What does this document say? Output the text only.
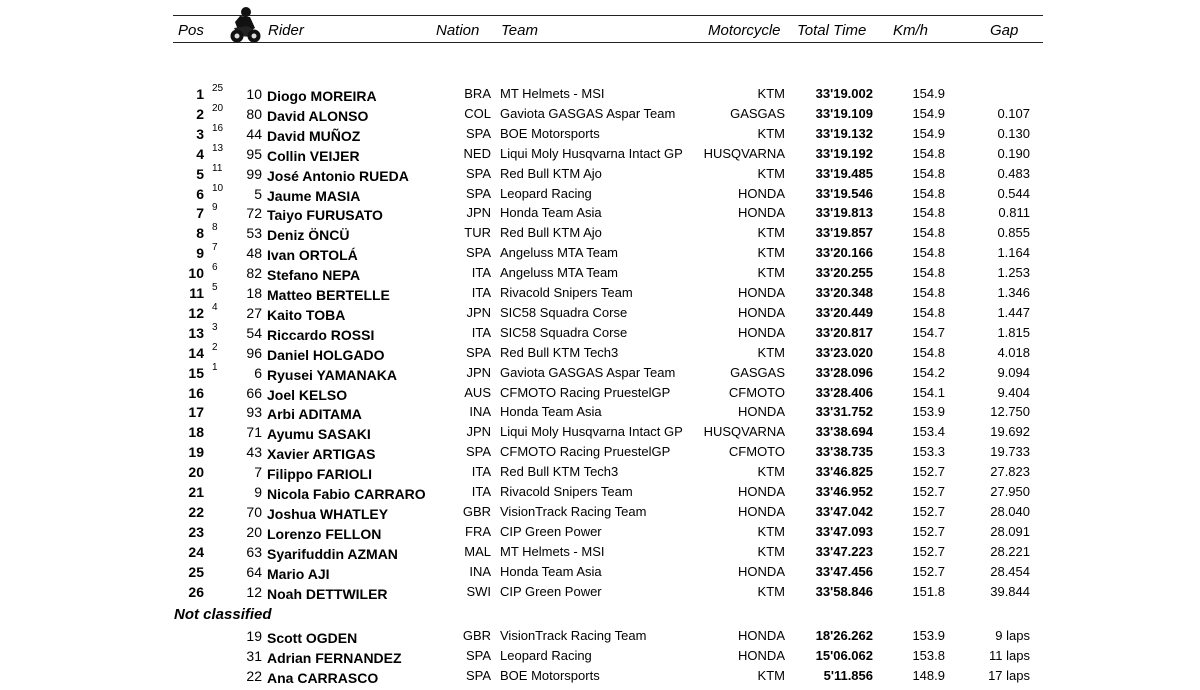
Pos	Rider	Nation Team	Motorcycle Total Time Km/h	Gap
1 25	10 Diogo MOREIRA	BRA MT Helmets - MSI	KTM	33'19.002	154.9
2 20	80 David ALONSO	COL Gaviota GASGAS Aspar Team	GASGAS	33'19.109	154.9	0.107
3 16	44 David MUÑOZ	SPA BOE Motorsports	KTM	33'19.132	154.9	0.130
4 13	95 Collin VEIJER	NED Liqui Moly Husqvarna Intact GP	HUSQVARNA	33'19.192	154.8	0.190
5 11	99 José Antonio RUEDA	SPA Red Bull KTM Ajo	KTM	33'19.485	154.8	0.483
6 10	5 Jaume MASIA	SPA Leopard Racing	HONDA	33'19.546	154.8	0.544
7 9	72 Taiyo FURUSATO	JPN Honda Team Asia	HONDA	33'19.813	154.8	0.811
8 8	53 Deniz ÖNCÜ	TUR Red Bull KTM Ajo	KTM	33'19.857	154.8	0.855
9 7	48 Ivan ORTOLÁ	SPA Angeluss MTA Team	KTM	33'20.166	154.8	1.164
10 6	82 Stefano NEPA	ITA Angeluss MTA Team	KTM	33'20.255	154.8	1.253
11 5	18 Matteo BERTELLE	ITA Rivacold Snipers Team	HONDA	33'20.348	154.8	1.346
12 4	27 Kaito TOBA	JPN SIC58 Squadra Corse	HONDA	33'20.449	154.8	1.447
13 3	54 Riccardo ROSSI	ITA SIC58 Squadra Corse	HONDA	33'20.817	154.7	1.815
14 2	96 Daniel HOLGADO	SPA Red Bull KTM Tech3	KTM	33'23.020	154.8	4.018
15 1	6 Ryusei YAMANAKA	JPN Gaviota GASGAS Aspar Team	GASGAS	33'28.096	154.2	9.094
16	66 Joel KELSO	AUS CFMOTO Racing PruestelGP	CFMOTO	33'28.406	154.1	9.404
17	93 Arbi ADITAMA	INA Honda Team Asia	HONDA	33'31.752	153.9	12.750
18	71 Ayumu SASAKI	JPN Liqui Moly Husqvarna Intact GP	HUSQVARNA	33'38.694	153.4	19.692
19	43 Xavier ARTIGAS	SPA CFMOTO Racing PruestelGP	CFMOTO	33'38.735	153.3	19.733
20	7 Filippo FARIOLI	ITA Red Bull KTM Tech3	KTM	33'46.825	152.7	27.823
21	9 Nicola Fabio CARRARO	ITA Rivacold Snipers Team	HONDA	33'46.952	152.7	27.950
22	70 Joshua WHATLEY	GBR VisionTrack Racing Team	HONDA	33'47.042	152.7	28.040
23	20 Lorenzo FELLON	FRA CIP Green Power	KTM	33'47.093	152.7	28.091
24	63 Syarifuddin AZMAN	MAL MT Helmets - MSI	KTM	33'47.223	152.7	28.221
25	64 Mario AJI	INA Honda Team Asia	HONDA	33'47.456	152.7	28.454
26	12 Noah DETTWILER	SWI CIP Green Power	KTM	33'58.846	151.8	39.844
Not classified
19 Scott OGDEN	GBR VisionTrack Racing Team	HONDA	18'26.262	153.9	9 laps
31 Adrian FERNANDEZ	SPA Leopard Racing	HONDA	15'06.062	153.8	11 laps
22 Ana CARRASCO	SPA BOE Motorsports	KTM	5'11.856	148.9	17 laps
